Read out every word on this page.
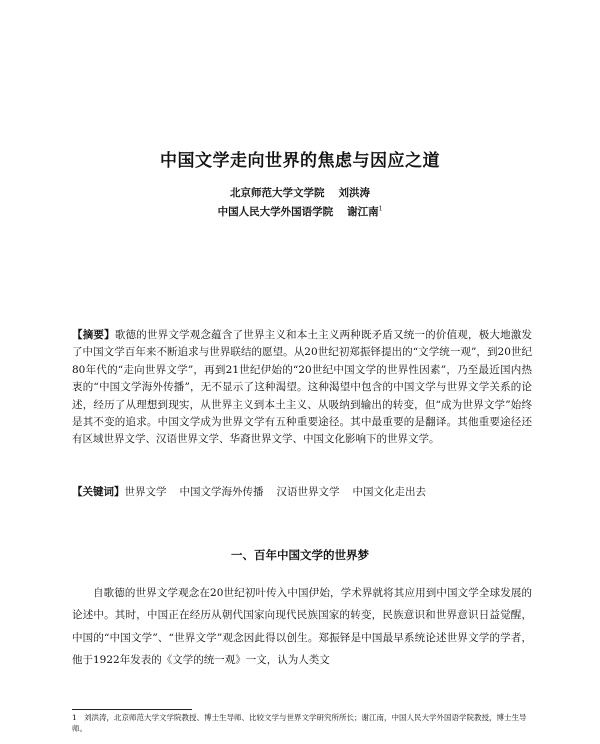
中国文学走向世界的焦虑与因应之道
北京师范大学文学院 刘洪涛
中国人民大学外国语学院 谢江南$^1$

【摘要】歌德的世界文学观念蕴含了世界主义和本土主义两种既矛盾又统一的价值观，极大地激发了中国文学百年来不断追求与世界联结的愿望。从20世纪初郑振铎提出的“文学统一观”，到20世纪80年代的“走向世界文学”，再到21世纪伊始的“20世纪中国文学的世界性因素”，乃至最近国内热衷的“中国文学海外传播”，无不显示了这种渴望。这种渴望中包含的中国文学与世界文学关系的论述，经历了从理想到现实，从世界主义到本土主义、从吸纳到输出的转变，但“成为世界文学”始终是其不变的追求。中国文学成为世界文学有五种重要途径。其中最重要的是翻译。其他重要途径还有区域世界文学、汉语世界文学、华裔世界文学、中国文化影响下的世界文学。

【关键词】世界文学 中国文学海外传播 汉语世界文学 中国文化走出去

一、百年中国文学的世界梦

自歌德的世界文学观念在20世纪初叶传入中国伊始，学术界就将其应用到中国文学全球发展的论述中。其时，中国正在经历从朝代国家向现代民族国家的转变，民族意识和世界意识日益觉醒，中国的“中国文学”、“世界文学”观念因此得以创生。郑振铎是中国最早系统论述世界文学的学者，他于1922年发表的《文学的统一观》一文，认为人类文

1 刘洪涛，北京师范大学文学院教授、博士生导师、比较文学与世界文学研究所所长；谢江南，中国人民大学外国语学院教授，博士生导师。
